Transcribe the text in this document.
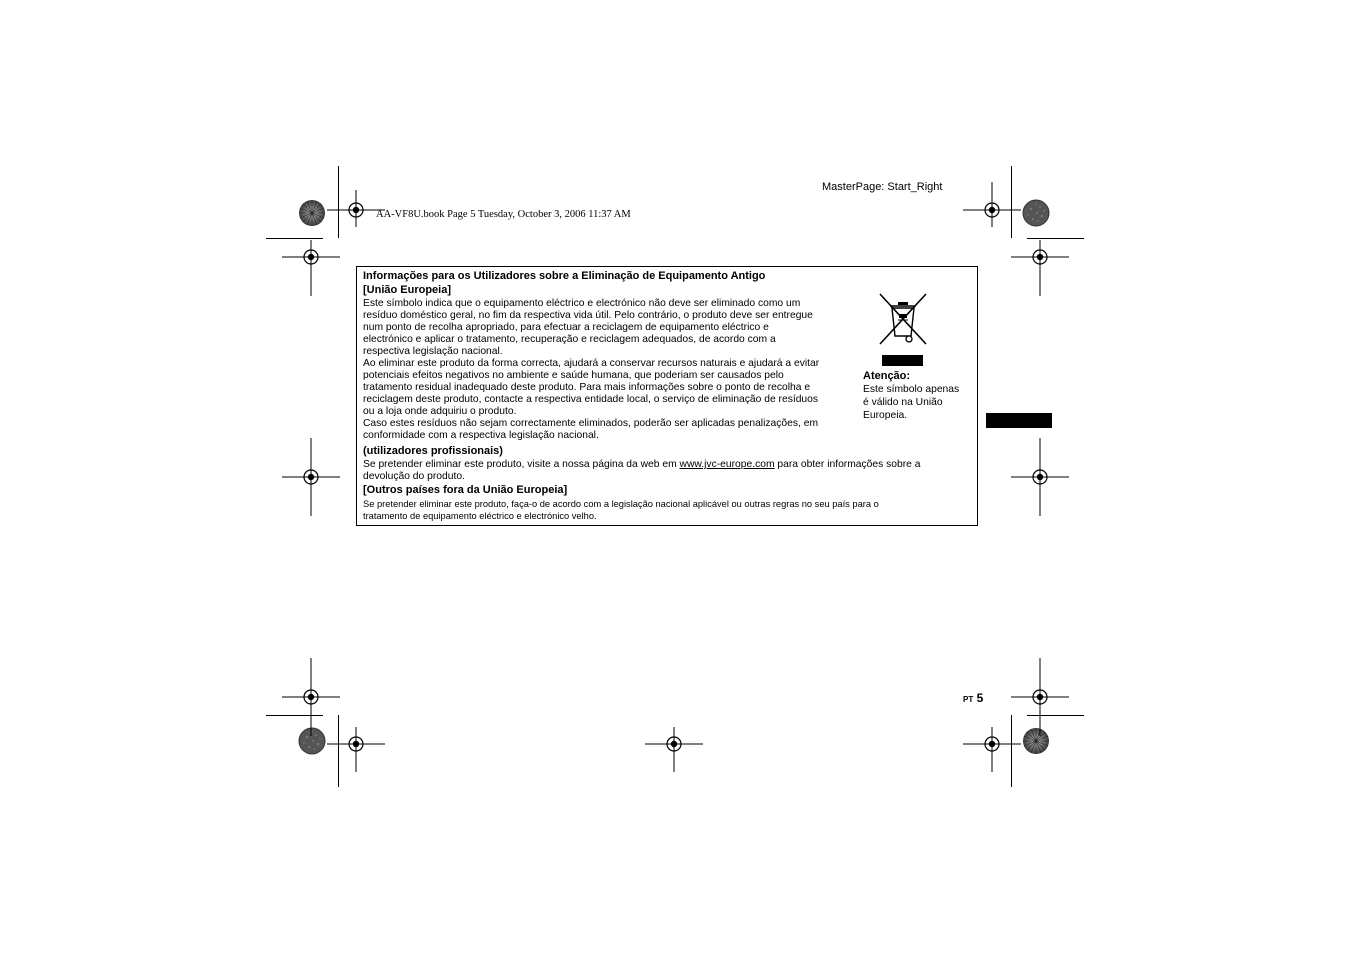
MasterPage: Start_Right
AA-VF8U.book Page 5 Tuesday, October 3, 2006 11:37 AM
Informações para os Utilizadores sobre a Eliminação de Equipamento Antigo
[União Europeia]
Este símbolo indica que o equipamento eléctrico e electrónico não deve ser eliminado como um
resíduo doméstico geral, no fim da respectiva vida útil. Pelo contrário, o produto deve ser entregue
num ponto de recolha apropriado, para efectuar a reciclagem de equipamento eléctrico e
electrónico e aplicar o tratamento, recuperação e reciclagem adequados, de acordo com a
respectiva legislação nacional.
Ao eliminar este produto da forma correcta, ajudará a conservar recursos naturais e ajudará a evitar
potenciais efeitos negativos no ambiente e saúde humana, que poderiam ser causados pelo
tratamento residual inadequado deste produto. Para mais informações sobre o ponto de recolha e
reciclagem deste produto, contacte a respectiva entidade local, o serviço de eliminação de resíduos
ou a loja onde adquiriu o produto.
Caso estes resíduos não sejam correctamente eliminados, poderão ser aplicadas penalizações, em
conformidade com a respectiva legislação nacional.
Atenção:
Este símbolo apenas
é válido na União
Europeia.
(utilizadores profissionais)
Se pretender eliminar este produto, visite a nossa página da web em www.jvc-europe.com para obter informações sobre a
devolução do produto.
[Outros países fora da União Europeia]
Se pretender eliminar este produto, faça-o de acordo com a legislação nacional aplicável ou outras regras no seu país para o
tratamento de equipamento eléctrico e electrónico velho.
PT 5
